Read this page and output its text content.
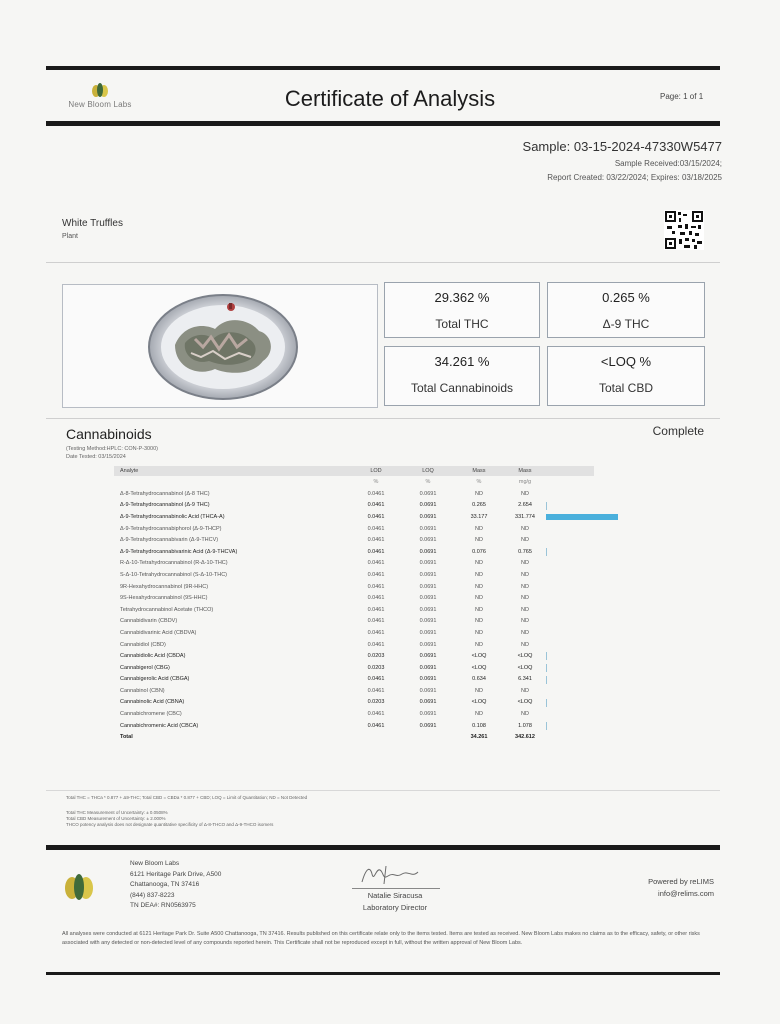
New Bloom Labs	Certificate of Analysis	Page: 1 of 1
Sample: 03-15-2024-47330W5477
Sample Received:03/15/2024;
Report Created: 03/22/2024; Expires: 03/18/2025
White Truffles
Plant
29.362 %
Total THC
0.265 %
Δ-9 THC
34.261 %
Total Cannabinoids
<LOQ %
Total CBD
Cannabinoids	Complete
(Testing Method:HPLC: CON-P-3000)
Date Tested: 03/15/2024
Analyte	LOD	LOQ	Mass	Mass	
	%	%	%	mg/g	
Δ-8-Tetrahydrocannabinol (Δ-8 THC)	0.0461	0.0691	ND	ND	
Δ-9-Tetrahydrocannabinol (Δ-9 THC)	0.0461	0.0691	0.265	2.654	

Δ-9-Tetrahydrocannabinolic Acid (THCA-A)	0.0461	0.0691	33.177	331.774	

Δ-9-Tetrahydrocannabiphorol (Δ-9-THCP)	0.0461	0.0691	ND	ND	
Δ-9-Tetrahydrocannabivarin (Δ-9-THCV)	0.0461	0.0691	ND	ND	
Δ-9-Tetrahydrocannabivarinic Acid (Δ-9-THCVA)	0.0461	0.0691	0.076	0.765	

R-Δ-10-Tetrahydrocannabinol (R-Δ-10-THC)	0.0461	0.0691	ND	ND	
S-Δ-10-Tetrahydrocannabinol (S-Δ-10-THC)	0.0461	0.0691	ND	ND	
9R-Hexahydrocannabinol (9R-HHC)	0.0461	0.0691	ND	ND	
9S-Hexahydrocannabinol (9S-HHC)	0.0461	0.0691	ND	ND	
Tetrahydrocannabinol Acetate (THCO)	0.0461	0.0691	ND	ND	
Cannabidivarin (CBDV)	0.0461	0.0691	ND	ND	
Cannabidivarinic Acid (CBDVA)	0.0461	0.0691	ND	ND	
Cannabidiol (CBD)	0.0461	0.0691	ND	ND	
Cannabidiolic Acid (CBDA)	0.0203	0.0691	<LOQ	<LOQ	

Cannabigerol (CBG)	0.0203	0.0691	<LOQ	<LOQ	

Cannabigerolic Acid (CBGA)	0.0461	0.0691	0.634	6.341	

Cannabinol (CBN)	0.0461	0.0691	ND	ND	
Cannabinolic Acid (CBNA)	0.0203	0.0691	<LOQ	<LOQ	

Cannabichromene (CBC)	0.0461	0.0691	ND	ND	
Cannabichromenic Acid (CBCA)	0.0461	0.0691	0.108	1.078	

Total			34.261	342.612	
Total THC = THCa * 0.877 + Δ9-THC; Total CBD = CBDa * 0.877 + CBD; LOQ = Limit of Quantitation; ND = Not Detected
Total THC Measurement of Uncertainty: ± 0.0508%
Total CBD Measurement of Uncertainty: ± 2.000%
THCO potency analysis does not designate quantitative specificity of Δ-8-THCO and Δ-9-THCO isomers
New Bloom Labs
6121 Heritage Park Drive, A500
Chattanooga, TN 37416
(844) 837-8223
TN DEA#: RN0563975
Natalie Siracusa
Laboratory Director
Powered by reLIMS
info@relims.com
All analyses were conducted at 6121 Heritage Park Dr. Suite A500 Chattanooga, TN 37416. Results published on this certificate relate only to the items tested. Items are tested as received. New Bloom Labs makes no claims as to the efficacy, safety, or other risks associated with any detected or non-detected level of any compounds reported herein. This Certificate shall not be reproduced except in full, without the written approval of New Bloom Labs.
